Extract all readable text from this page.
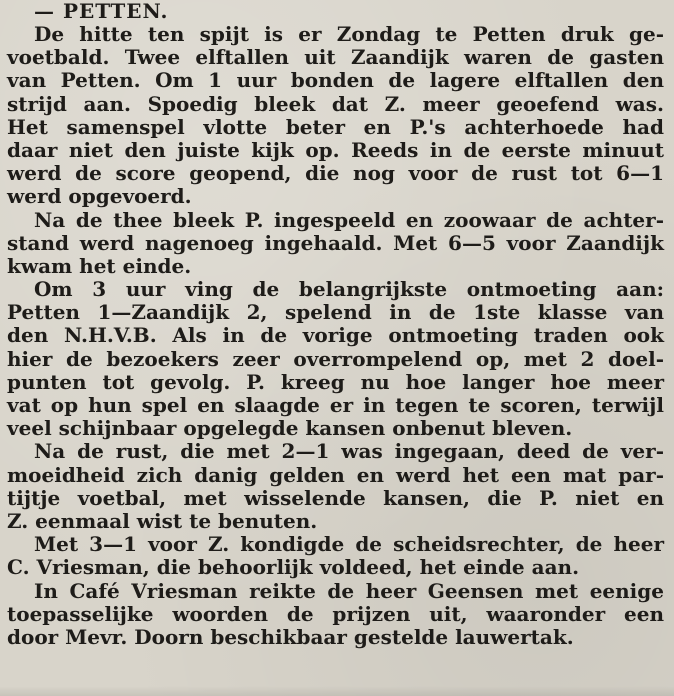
— PETTEN.

De hitte ten spijt is er Zondag te Petten druk ge-
voetbald. Twee elftallen uit Zaandijk waren de gasten
van Petten. Om 1 uur bonden de lagere elftallen den
strijd aan. Spoedig bleek dat Z. meer geoefend was.
Het samenspel vlotte beter en P.'s achterhoede had
daar niet den juiste kijk op. Reeds in de eerste minuut
werd de score geopend, die nog voor de rust tot 6—1
werd opgevoerd.

Na de thee bleek P. ingespeeld en zoowaar de achter-
stand werd nagenoeg ingehaald. Met 6—5 voor Zaandijk
kwam het einde.

Om 3 uur ving de belangrijkste ontmoeting aan:
Petten 1—Zaandijk 2, spelend in de 1ste klasse van
den N.H.V.B. Als in de vorige ontmoeting traden ook
hier de bezoekers zeer overrompelend op, met 2 doel-
punten tot gevolg. P. kreeg nu hoe langer hoe meer
vat op hun spel en slaagde er in tegen te scoren, terwijl
veel schijnbaar opgelegde kansen onbenut bleven.

Na de rust, die met 2—1 was ingegaan, deed de ver-
moeidheid zich danig gelden en werd het een mat par-
tijtje voetbal, met wisselende kansen, die P. niet en
Z. eenmaal wist te benuten.

Met 3—1 voor Z. kondigde de scheidsrechter, de heer
C. Vriesman, die behoorlijk voldeed, het einde aan.

In Café Vriesman reikte de heer Geensen met eenige
toepasselijke woorden de prijzen uit, waaronder een
door Mevr. Doorn beschikbaar gestelde lauwertak.
